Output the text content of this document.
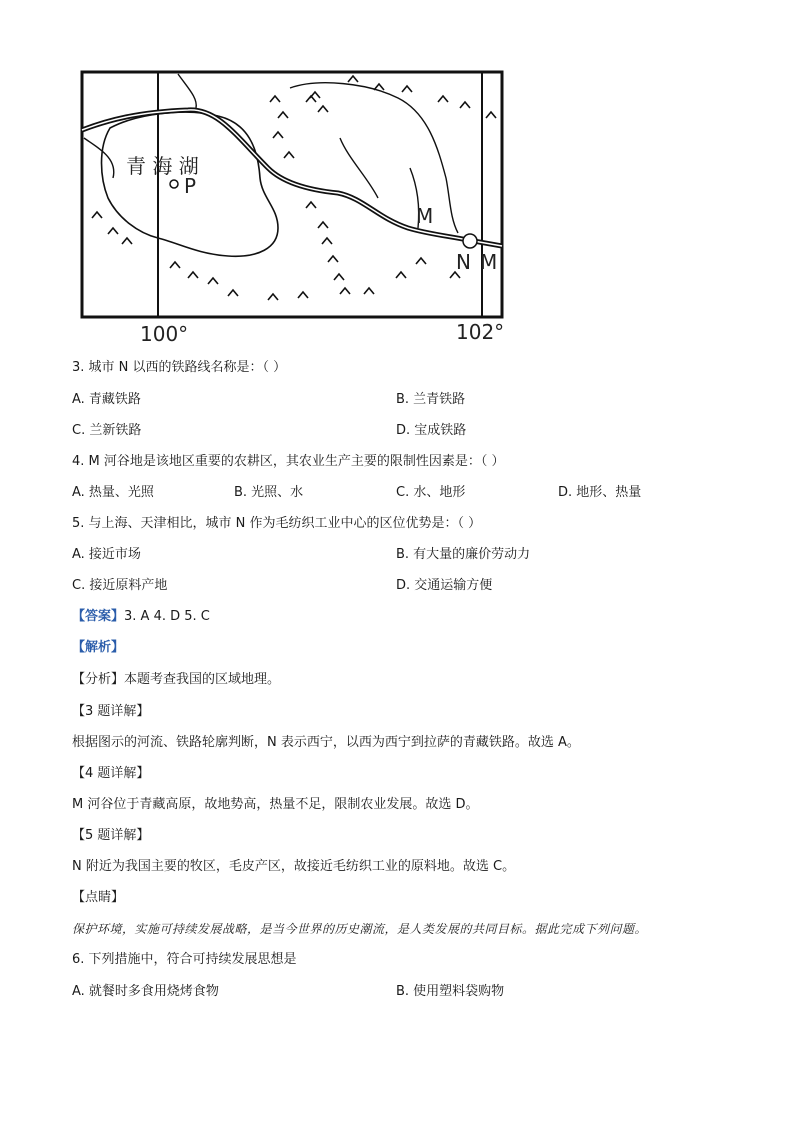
青 海 湖
P
M
N M
100°	102°
3. 城市 N 以西的铁路线名称是：（ ）
A. 青藏铁路	B. 兰青铁路
C. 兰新铁路	D. 宝成铁路
4. M 河谷地是该地区重要的农耕区，其农业生产主要的限制性因素是：（ ）
A. 热量、光照	B. 光照、水	C. 水、地形	D. 地形、热量
5. 与上海、天津相比，城市 N 作为毛纺织工业中心的区位优势是：（ ）
A. 接近市场	B. 有大量的廉价劳动力
C. 接近原料产地	D. 交通运输方便
【答案】3. A 4. D 5. C
【解析】
【分析】本题考查我国的区域地理。
【3 题详解】
根据图示的河流、铁路轮廓判断，N 表示西宁，以西为西宁到拉萨的青藏铁路。故选 A。
【4 题详解】
M 河谷位于青藏高原，故地势高，热量不足，限制农业发展。故选 D。
【5 题详解】
N 附近为我国主要的牧区，毛皮产区，故接近毛纺织工业的原料地。故选 C。
【点睛】
保护环境，实施可持续发展战略，是当今世界的历史潮流，是人类发展的共同目标。据此完成下列问题。
6. 下列措施中，符合可持续发展思想是
A. 就餐时多食用烧烤食物	B. 使用塑料袋购物
